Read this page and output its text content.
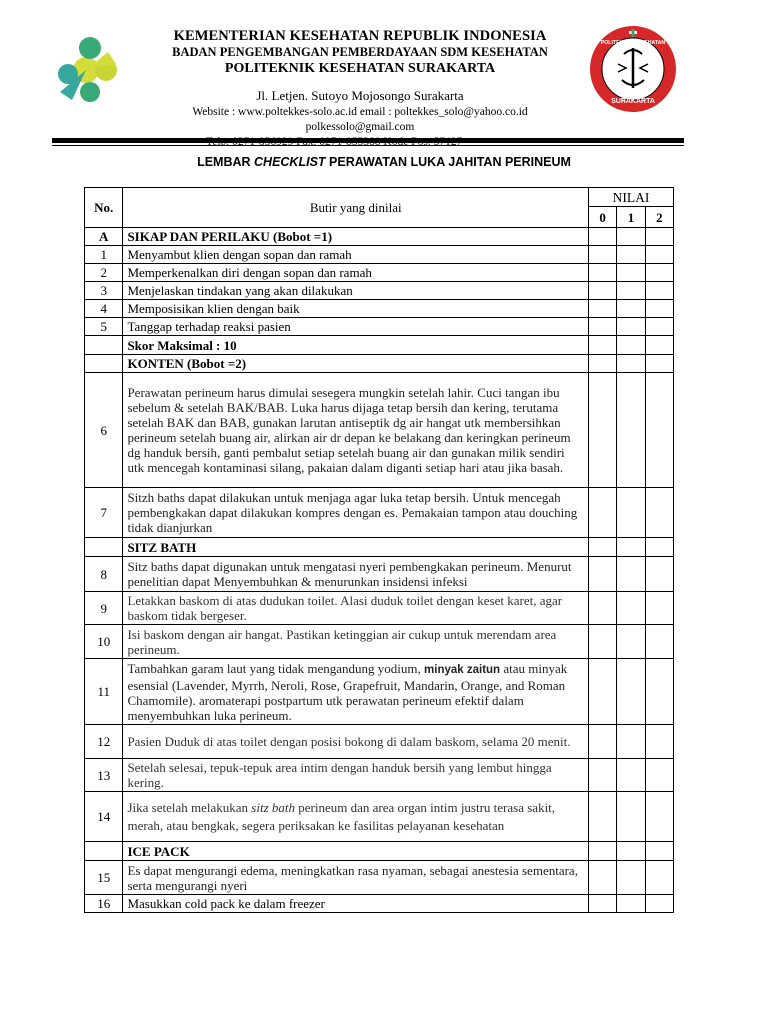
SURAKARTA
POLITEKNIK KESEHATAN
KEMENTERIAN KESEHATAN REPUBLIK INDONESIA
BADAN PENGEMBANGAN PEMBERDAYAAN SDM KESEHATAN
POLITEKNIK KESEHATAN SURAKARTA
Jl. Letjen. Sutoyo Mojosongo Surakarta
Website : www.poltekkes-solo.ac.id email : poltekkes_solo@yahoo.co.id
polkessolo@gmail.com
LEMBAR CHECKLIST PERAWATAN LUKA JAHITAN PERINEUM
No.	Butir yang dinilai	NILAI		
		0	1	2
A	SIKAP DAN PERILAKU (Bobot =1)			
1	Menyambut klien dengan sopan dan ramah			
2	Memperkenalkan diri dengan sopan dan ramah			
3	Menjelaskan tindakan yang akan dilakukan			
4	Memposisikan klien dengan baik			
5	Tanggap terhadap reaksi pasien			
	Skor Maksimal : 10			
	KONTEN (Bobot =2)			
6	Perawatan perineum harus dimulai sesegera mungkin setelah lahir. Cuci tangan ibu sebelum & setelah BAK/BAB. Luka harus dijaga tetap bersih dan kering, terutama setelah BAK dan BAB, gunakan larutan antiseptik dg air hangat utk membersihkan perineum setelah buang air, alirkan air dr depan ke belakang dan keringkan perineum dg handuk bersih, ganti pembalut setiap setelah buang air dan gunakan milik sendiri utk mencegah kontaminasi silang, pakaian dalam diganti setiap hari atau jika basah.			
7	Sitzh baths dapat dilakukan untuk menjaga agar luka tetap bersih. Untuk mencegah pembengkakan dapat dilakukan kompres dengan es. Pemakaian tampon atau douching tidak dianjurkan			
	SITZ BATH			
8	Sitz baths dapat digunakan untuk mengatasi nyeri pembengkakan perineum. Menurut penelitian dapat Menyembuhkan & menurunkan insidensi infeksi			
9	Letakkan baskom di atas dudukan toilet. Alasi duduk toilet dengan keset karet, agar baskom tidak bergeser.			
10	Isi baskom dengan air hangat. Pastikan ketinggian air cukup untuk merendam area perineum.			
11	Tambahkan garam laut yang tidak mengandung yodium, minyak zaitun atau minyak esensial (Lavender, Myrrh, Neroli, Rose, Grapefruit, Mandarin, Orange, and Roman Chamomile). aromaterapi postpartum utk perawatan perineum efektif dalam menyembuhkan luka perineum.			
12	Pasien Duduk di atas toilet dengan posisi bokong di dalam baskom, selama 20 menit.			
13	Setelah selesai, tepuk-tepuk area intim dengan handuk bersih yang lembut hingga kering.			
14	Jika setelah melakukan sitz bath perineum dan area organ intim justru terasa sakit, merah, atau bengkak, segera periksakan ke fasilitas pelayanan kesehatan			
	ICE PACK			
15	Es dapat mengurangi edema, meningkatkan rasa nyaman, sebagai anestesia sementara, serta mengurangi nyeri			
16	Masukkan cold pack ke dalam freezer			
